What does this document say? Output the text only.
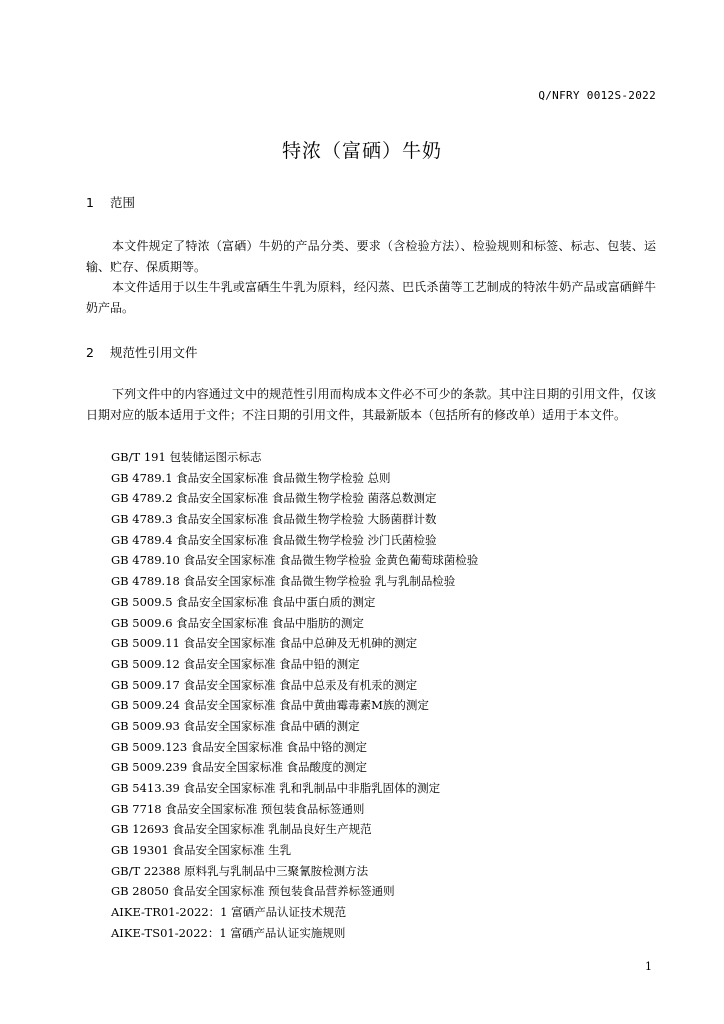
Q/NFRY 0012S-2022
特浓（富硒）牛奶
1 范围
本文件规定了特浓（富硒）牛奶的产品分类、要求（含检验方法）、检验规则和标签、标志、包装、运输、贮存、保质期等。
本文件适用于以生牛乳或富硒生牛乳为原料，经闪蒸、巴氏杀菌等工艺制成的特浓牛奶产品或富硒鲜牛奶产品。
2 规范性引用文件
下列文件中的内容通过文中的规范性引用而构成本文件必不可少的条款。其中注日期的引用文件，仅该日期对应的版本适用于文件；不注日期的引用文件，其最新版本（包括所有的修改单）适用于本文件。
GB/T 191 包装储运图示标志
GB 4789.1 食品安全国家标准 食品微生物学检验 总则
GB 4789.2 食品安全国家标准 食品微生物学检验 菌落总数测定
GB 4789.3 食品安全国家标准 食品微生物学检验 大肠菌群计数
GB 4789.4 食品安全国家标准 食品微生物学检验 沙门氏菌检验
GB 4789.10 食品安全国家标准 食品微生物学检验 金黄色葡萄球菌检验
GB 4789.18 食品安全国家标准 食品微生物学检验 乳与乳制品检验
GB 5009.5 食品安全国家标准 食品中蛋白质的测定
GB 5009.6 食品安全国家标准 食品中脂肪的测定
GB 5009.11 食品安全国家标准 食品中总砷及无机砷的测定
GB 5009.12 食品安全国家标准 食品中铅的测定
GB 5009.17 食品安全国家标准 食品中总汞及有机汞的测定
GB 5009.24 食品安全国家标准 食品中黄曲霉毒素M族的测定
GB 5009.93 食品安全国家标准 食品中硒的测定
GB 5009.123 食品安全国家标准 食品中铬的测定
GB 5009.239 食品安全国家标准 食品酸度的测定
GB 5413.39 食品安全国家标准 乳和乳制品中非脂乳固体的测定
GB 7718 食品安全国家标准 预包装食品标签通则
GB 12693 食品安全国家标准 乳制品良好生产规范
GB 19301 食品安全国家标准 生乳
GB/T 22388 原料乳与乳制品中三聚氰胺检测方法
GB 28050 食品安全国家标准 预包装食品营养标签通则
AIKE-TR01-2022：1 富硒产品认证技术规范
AIKE-TS01-2022：1 富硒产品认证实施规则
1
